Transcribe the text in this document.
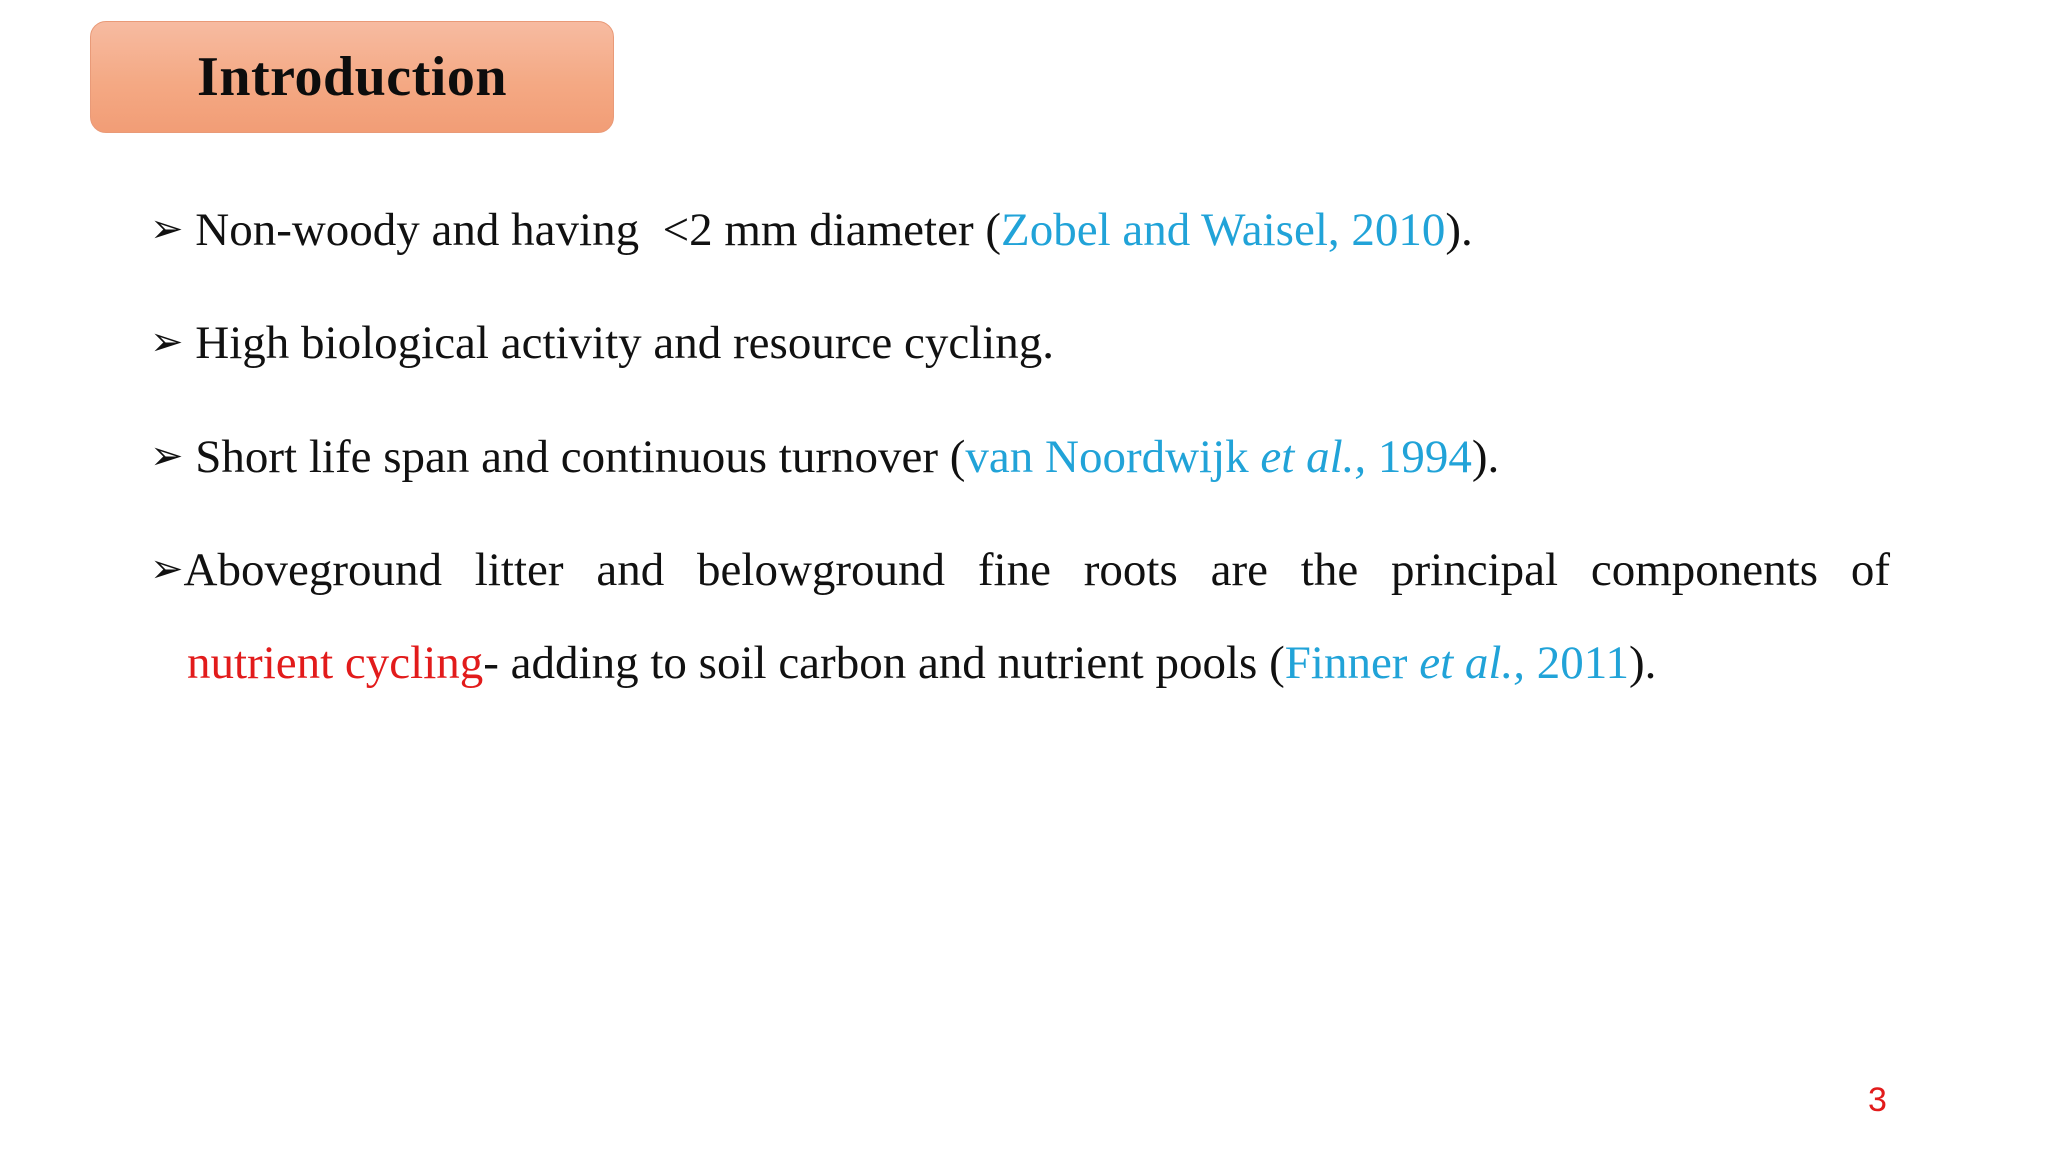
Introduction
➢ Non-woody and having  <2 mm diameter (Zobel and Waisel, 2010).
➢ High biological activity and resource cycling.
➢ Short life span and continuous turnover (van Noordwijk et al., 1994).
➢Aboveground litter and belowground fine roots are the principal components of
nutrient cycling- adding to soil carbon and nutrient pools (Finner et al., 2011).
3
